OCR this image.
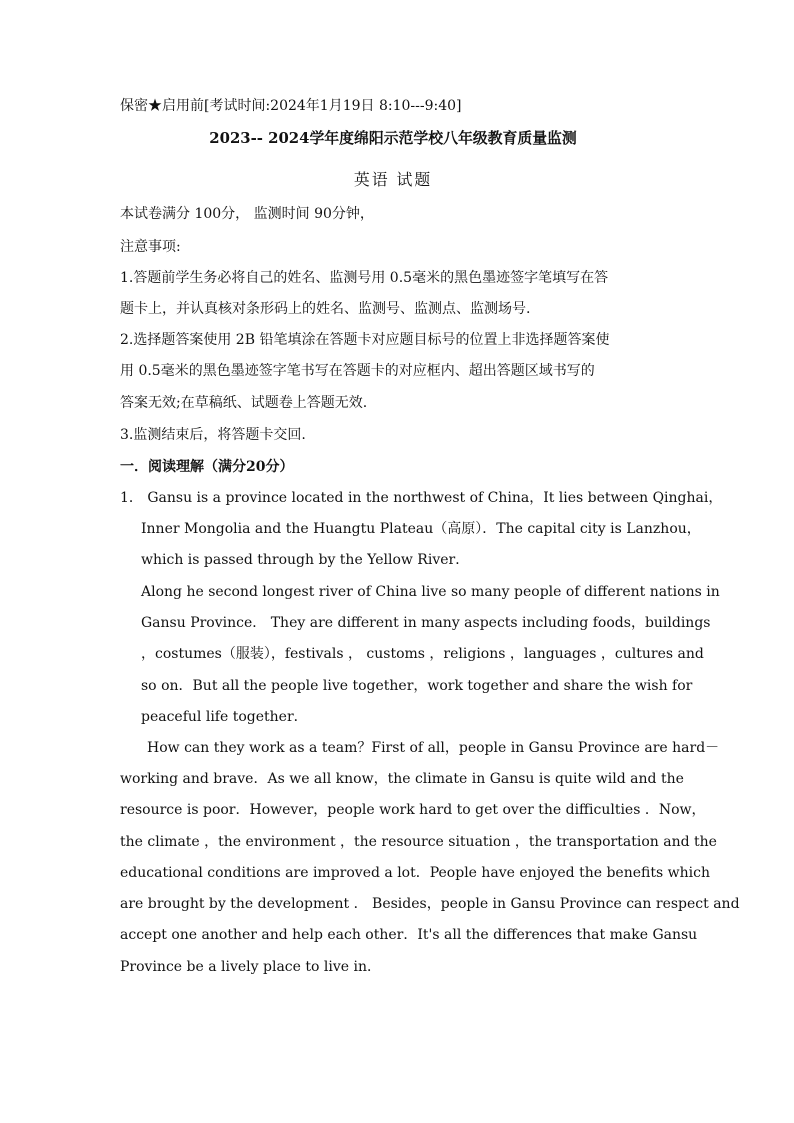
保密★启用前[考试时间:2024年1月19日 8:10---9:40]
2023-- 2024学年度绵阳示范学校八年级教育质量监测
英语 试题
本试卷满分 100分， 监测时间 90分钟，
注意事项:
1.答题前学生务必将自己的姓名、监测号用 0.5毫米的黑色墨迹签字笔填写在答
题卡上，并认真核对条形码上的姓名、监测号、监测点、监测场号.
2.选择题答案使用 2B 铅笔填涂在答题卡对应题目标号的位置上非选择题答案使
用 0.5毫米的黑色墨迹签字笔书写在答题卡的对应框内、超出答题区域书写的
答案无效;在草稿纸、试题卷上答题无效.
3.监测结束后，将答题卡交回.
一．阅读理解（满分20分）
1． Gansu is a province located in the northwest of China，It lies between Qinghai，
Inner Mongolia and the Huangtu Plateau（高原）．The capital city is Lanzhou，
which is passed through by the Yellow River．
Along he second longest river of China live so many people of different nations in
Gansu Province． They are different in many aspects including foods，buildings
，costumes（服装），festivals ， customs ，religions ，languages ，cultures and
so on．But all the people live together，work together and share the wish for
peaceful life together．
How can they work as a team？First of all，people in Gansu Province are hard－
working and brave．As we all know，the climate in Gansu is quite wild and the
resource is poor．However，people work hard to get over the difficulties ．Now，
the climate ，the environment ，the resource situation ，the transportation and the
educational conditions are improved a lot．People have enjoyed the benefits which
are brought by the development ． Besides，people in Gansu Province can respect and
accept one another and help each other．It's all the differences that make Gansu
Province be a lively place to live in．
